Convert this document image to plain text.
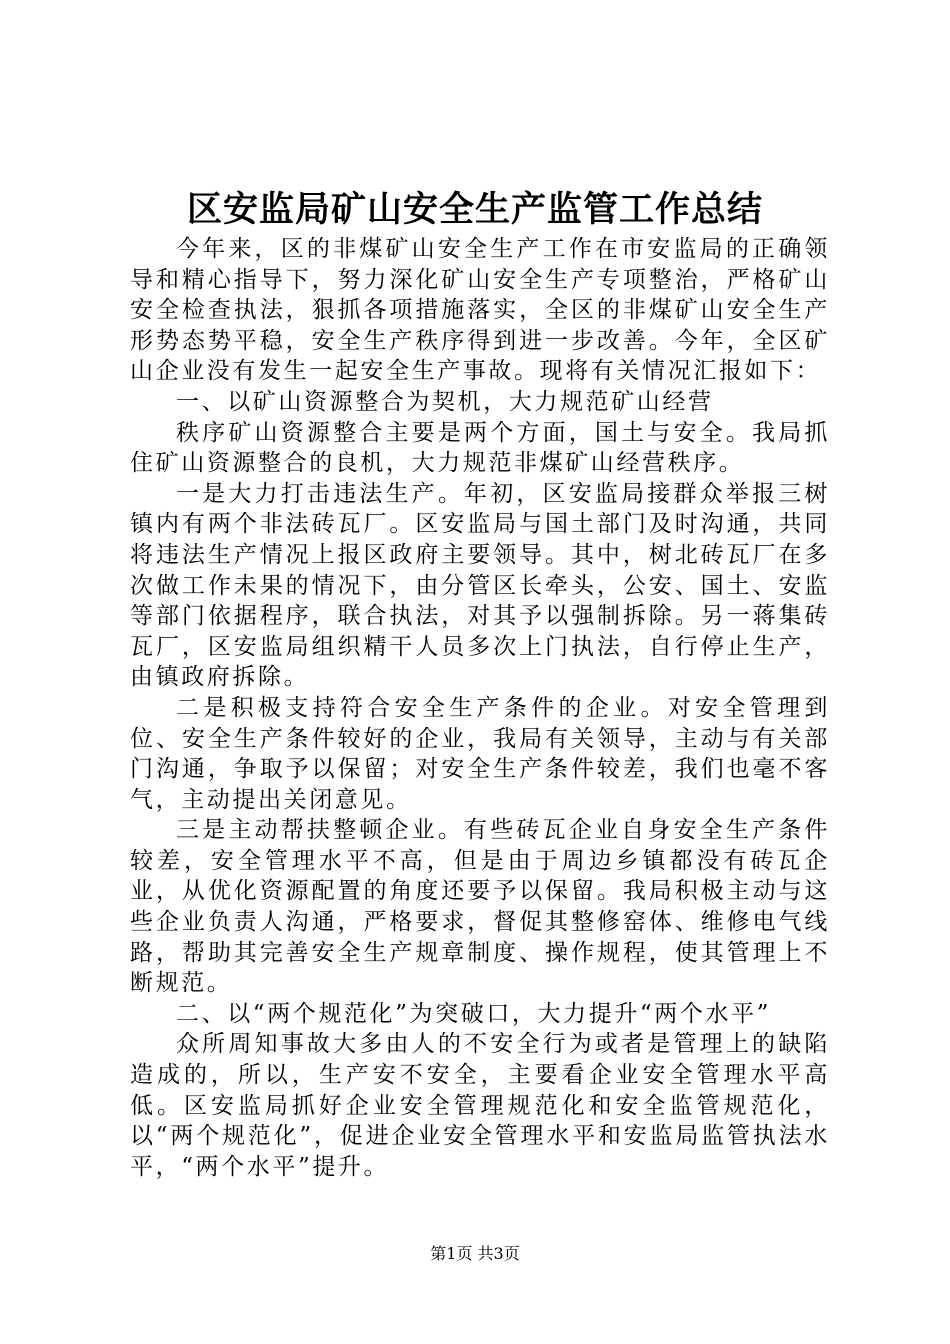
区安监局矿山安全生产监管工作总结

今年来，区的非煤矿山安全生产工作在市安监局的正确领导和精心指导下，努力深化矿山安全生产专项整治，严格矿山安全检查执法，狠抓各项措施落实，全区的非煤矿山安全生产形势态势平稳，安全生产秩序得到进一步改善。今年，全区矿山企业没有发生一起安全生产事故。现将有关情况汇报如下：

一、以矿山资源整合为契机，大力规范矿山经营

秩序矿山资源整合主要是两个方面，国土与安全。我局抓住矿山资源整合的良机，大力规范非煤矿山经营秩序。

一是大力打击违法生产。年初，区安监局接群众举报三树镇内有两个非法砖瓦厂。区安监局与国土部门及时沟通，共同将违法生产情况上报区政府主要领导。其中，树北砖瓦厂在多次做工作未果的情况下，由分管区长牵头，公安、国土、安监等部门依据程序，联合执法，对其予以强制拆除。另一蒋集砖瓦厂，区安监局组织精干人员多次上门执法，自行停止生产，由镇政府拆除。

二是积极支持符合安全生产条件的企业。对安全管理到位、安全生产条件较好的企业，我局有关领导，主动与有关部门沟通，争取予以保留；对安全生产条件较差，我们也毫不客气，主动提出关闭意见。

三是主动帮扶整顿企业。有些砖瓦企业自身安全生产条件较差，安全管理水平不高，但是由于周边乡镇都没有砖瓦企业，从优化资源配置的角度还要予以保留。我局积极主动与这些企业负责人沟通，严格要求，督促其整修窑体、维修电气线路，帮助其完善安全生产规章制度、操作规程，使其管理上不断规范。

二、以“两个规范化”为突破口，大力提升“两个水平”

众所周知事故大多由人的不安全行为或者是管理上的缺陷造成的，所以，生产安不安全，主要看企业安全管理水平高低。区安监局抓好企业安全管理规范化和安全监管规范化，以“两个规范化”，促进企业安全管理水平和安监局监管执法水平，“两个水平”提升。

第1页 共3页
